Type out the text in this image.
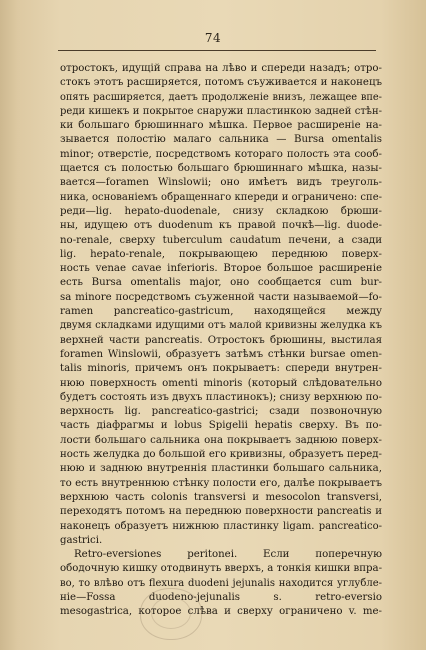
74
отростокъ, идущій справа на лѣво и спереди назадъ; отро-
стокъ этотъ расширяется, потомъ съуживается и наконецъ
опять расширяется, даетъ продолженіе внизъ, лежащее впе-
реди кишекъ и покрытое снаружи пластинкою задней стѣн-
ки большаго брюшиннаго мѣшка. Первое расширеніе на-
зывается полостію малаго сальника — Bursa omentalis
minor; отверстіе, посредствомъ котораго полость эта сооб-
щается съ полостью большаго брюшиннаго мѣшка, назы-
вается—foramen Winslowii; оно имѣетъ видъ треуголь-
ника, основаніемъ обращеннаго кпереди и ограничено: спе-
реди—lig. hepato-duodenale, снизу складкою брюши-
ны, идущею отъ duodenum къ правой почкѣ—lig. duode-
no-renale, сверху tuberculum caudatum печени, а сзади
lig. hepato-renale, покрывающею переднюю поверх-
ность venae cavae inferioris. Второе большое расширеніе
есть Bursa omentalis major, оно сообщается cum bur-
sa minore посредствомъ съуженной части называемой—fo-
ramen pancreatico-gastricum, находящейся между
двумя складками идущими отъ малой кривизны желудка къ
верхней части pancreatis. Отростокъ брюшины, выстилая
foramen Winslowii, образуетъ затѣмъ стѣнки bursae omen-
talis minoris, причемъ онъ покрываетъ: спереди внутрен-
нюю поверхность omenti minoris (который слѣдовательно
будетъ состоять изъ двухъ пластинокъ); снизу верхнюю по-
верхность lig. pancreatico-gastrici; сзади позвоночную
часть діафрагмы и lobus Spigelii hepatis сверху. Въ по-
лости большаго сальника она покрываетъ заднюю поверх-
ность желудка до большой его кривизны, образуетъ перед-
нюю и заднюю внутреннія пластинки большаго сальника,
то есть внутреннюю стѣнку полости его, далѣе покрываетъ
верхнюю часть colonis transversi и mesocolon transversi,
переходятъ потомъ на переднюю поверхности pancreatis и
наконецъ образуетъ нижнюю пластинку ligam. pancreatico-
gastrici.
Retro-eversiones peritonei. Если поперечную
ободочную кишку отодвинуть вверхъ, а тонкія кишки впра-
во, то влѣво отъ flexura duodeni jejunalis находится углубле-
ніе—Fossa duodeno-jejunalis s. retro-eversio
mesogastrica, которое слѣва и сверху ограничено v. me-
